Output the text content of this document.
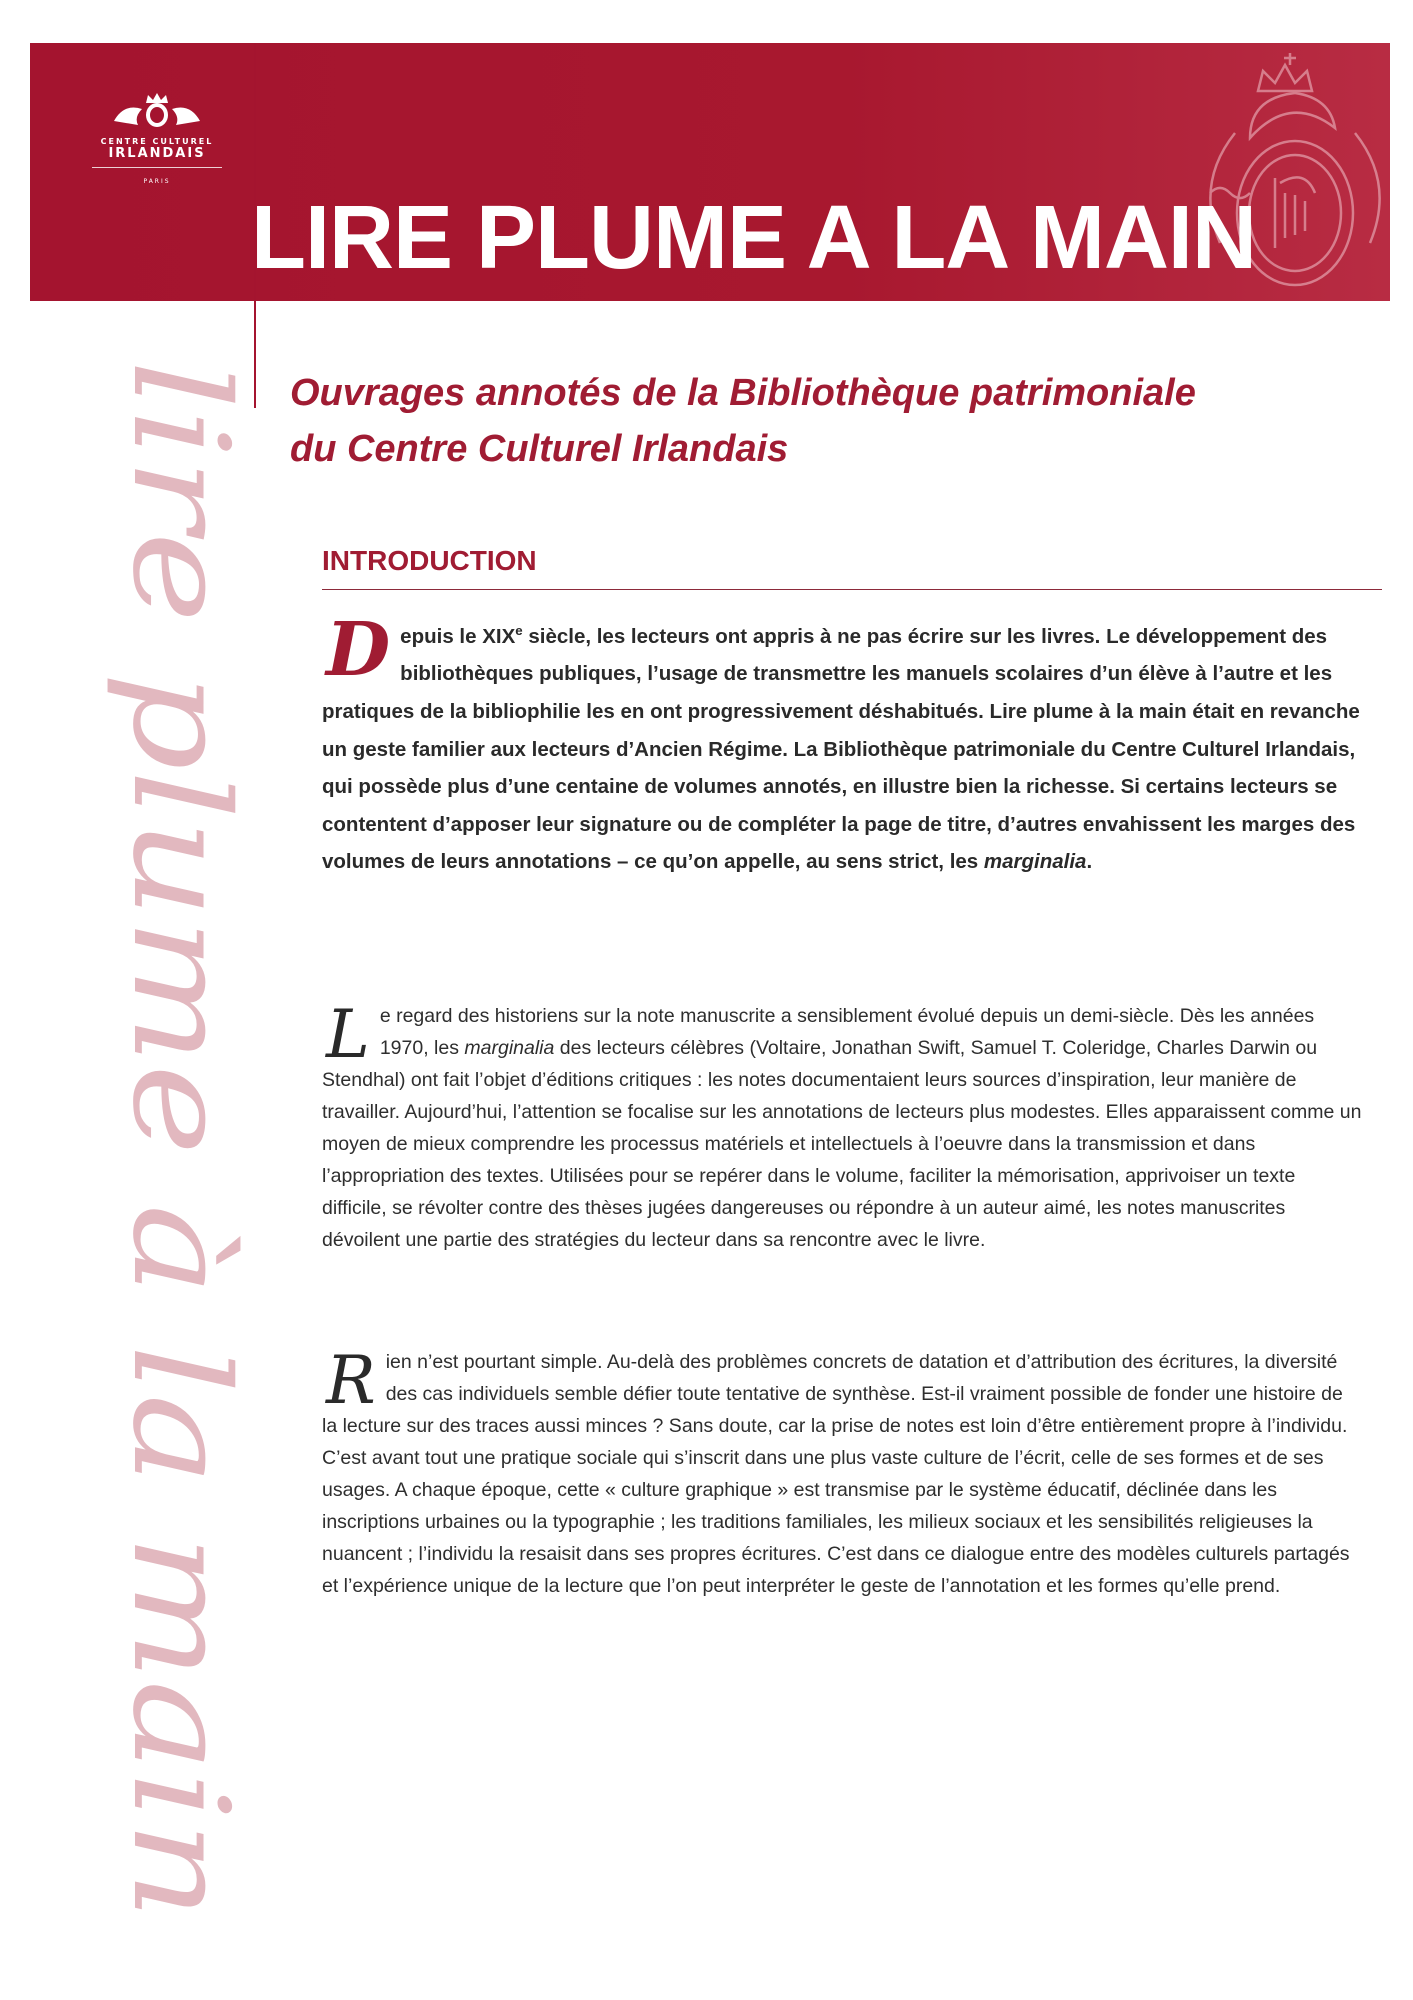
CENTRE CULTUREL
IRLANDAIS
PARIS
LIRE PLUME A LA MAIN
lire plume à la main Ouvrages annotés de la Bibliothèque patrimoniale
du Centre Culturel Irlandais
INTRODUCTION

Depuis le XIXe siècle, les lecteurs ont appris à ne pas écrire sur les livres. Le développement des bibliothèques publiques, l’usage de transmettre les manuels scolaires d’un élève à l’autre et les pratiques de la bibliophilie les en ont progressivement déshabitués. Lire plume à la main était en revanche un geste familier aux lecteurs d’Ancien Régime. La Bibliothèque patrimoniale du Centre Culturel Irlandais, qui possède plus d’une centaine de volumes annotés, en illustre bien la richesse. Si certains lecteurs se contentent d’apposer leur signature ou de compléter la page de titre, d’autres envahissent les marges des volumes de leurs annotations – ce qu’on appelle, au sens strict, les marginalia.

Le regard des historiens sur la note manuscrite a sensiblement évolué depuis un demi-siècle. Dès les années 1970, les marginalia des lecteurs célèbres (Voltaire, Jonathan Swift, Samuel T. Coleridge, Charles Darwin ou Stendhal) ont fait l’objet d’éditions critiques : les notes documentaient leurs sources d’inspiration, leur manière de travailler. Aujourd’hui, l’attention se focalise sur les annotations de lecteurs plus modestes. Elles apparaissent comme un moyen de mieux comprendre les processus matériels et intellectuels à l’oeuvre dans la transmission et dans l’appropriation des textes. Utilisées pour se repérer dans le volume, faciliter la mémorisation, apprivoiser un texte difficile, se révolter contre des thèses jugées dangereuses ou répondre à un auteur aimé, les notes manuscrites dévoilent une partie des stratégies du lecteur dans sa rencontre avec le livre.

Rien n’est pourtant simple. Au-delà des problèmes concrets de datation et d’attribution des écritures, la diversité des cas individuels semble défier toute tentative de synthèse. Est-il vraiment possible de fonder une histoire de la lecture sur des traces aussi minces ? Sans doute, car la prise de notes est loin d’être entièrement propre à l’individu. C’est avant tout une pratique sociale qui s’inscrit dans une plus vaste culture de l’écrit, celle de ses formes et de ses usages. A chaque époque, cette « culture graphique » est transmise par le système éducatif, déclinée dans les inscriptions urbaines ou la typographie ; les traditions familiales, les milieux sociaux et les sensibilités religieuses la nuancent ; l’individu la resaisit dans ses propres écritures. C’est dans ce dialogue entre des modèles culturels partagés et l’expérience unique de la lecture que l’on peut interpréter le geste de l’annotation et les formes qu’elle prend.
